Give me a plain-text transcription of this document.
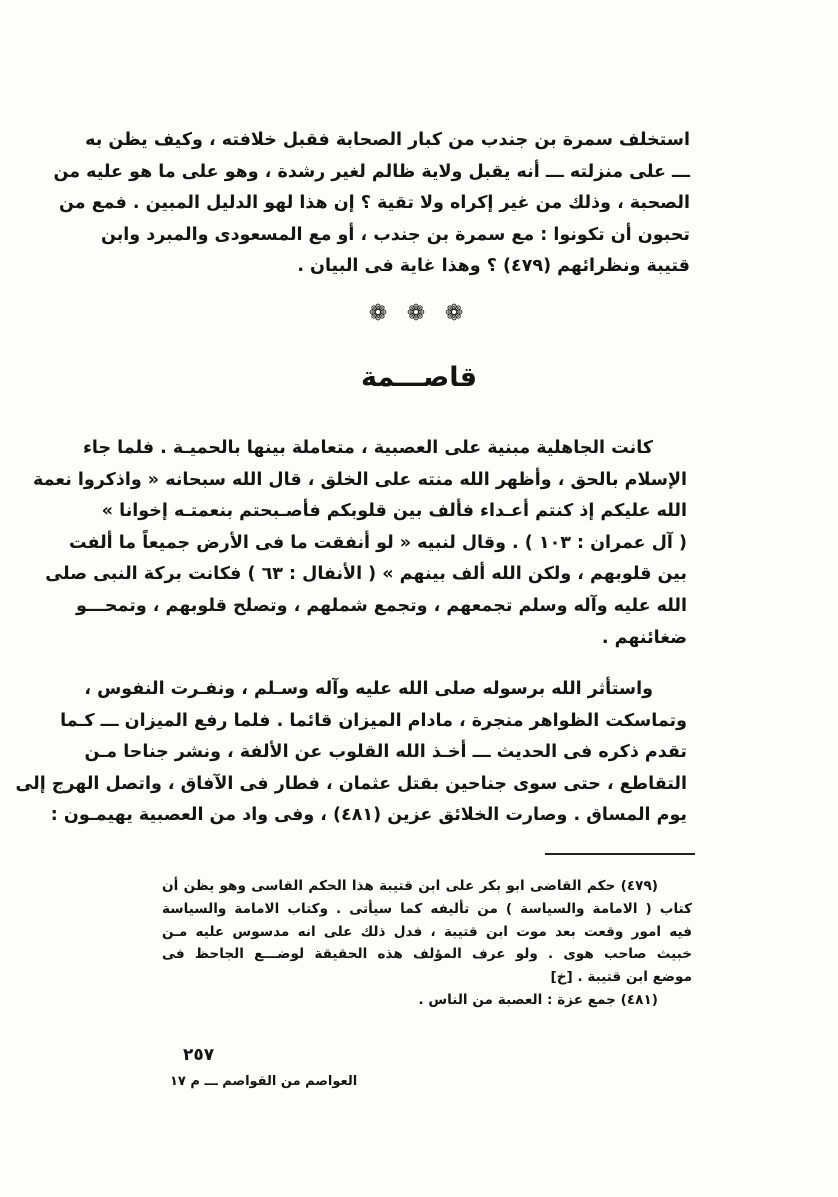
استخلف سمرة بن جندب من كبار الصحابة فقبل خلافته ، وكيف يظن به
ـــ على منزلته ـــ أنه يقبل ولاية ظالم لغير رشدة ، وهو على ما هو عليه من
الصحبة ، وذلك من غير إكراه ولا تقية ؟ إن هذا لهو الدليل المبين . فمع من
تحبون أن تكونوا : مع سمرة بن جندب ، أو مع المسعودى والمبرد وابن
قتيبة ونظرائهم (٤٧٩) ؟ وهذا غاية فى البيان .
❁ ❁ ❁
قاصـــمة
كانت الجاهلية مبنية على العصبية ، متعاملة بينها بالحميـة . فلما جاء
الإسلام بالحق ، وأظهر الله منته على الخلق ، قال الله سبحانه « واذكروا نعمة
الله عليكم إذ كنتم أعـداء فألف بين قلوبكم فأصـبحتم بنعمتـه إخوانا »
( آل عمران : ١٠٣ ) . وقال لنبيه « لو أنفقت ما فى الأرض جميعاً ما ألفت
بين قلوبهم ، ولكن الله ألف بينهم » ( الأنفال : ٦٣ ) فكانت بركة النبى صلى
الله عليه وآله وسلم تجمعهم ، وتجمع شملهم ، وتصلح قلوبهم ، وتمحـــو
ضغائنهم .
واستأثر الله برسوله صلى الله عليه وآله وسـلم ، ونفـرت النفوس ،
وتماسكت الظواهر منجرة ، مادام الميزان قائما . فلما رفع الميزان ـــ كـما
تقدم ذكره فى الحديث ـــ أخـذ الله القلوب عن الألفة ، ونشر جناحا مـن
التقاطع ، حتى سوى جناحين بقتل عثمان ، فطار فى الآفاق ، واتصل الهرج إلى
يوم المساق . وصارت الخلائق عزين (٤٨١) ، وفى واد من العصبية يهيمـون :
(٤٧٩) حكم القاضى ابو بكر على ابن قتيبة هذا الحكم القاسى وهو يظن أن
كتاب ( الامامة والسياسة ) من تأليفه كما سيأتى . وكتاب الامامة والسياسة
فيه امور وقعت بعد موت ابن قتيبة ، فدل ذلك على انه مدسوس عليه مـن
خبيث صاحب هوى . ولو عرف المؤلف هذه الحقيقة لوضـــع الجاحظ فى
موضع ابن قتيبة . [خ]
(٤٨١) جمع عزة : العصبة من الناس .
٢٥٧
العواصم من القواصم ـــ م ١٧
